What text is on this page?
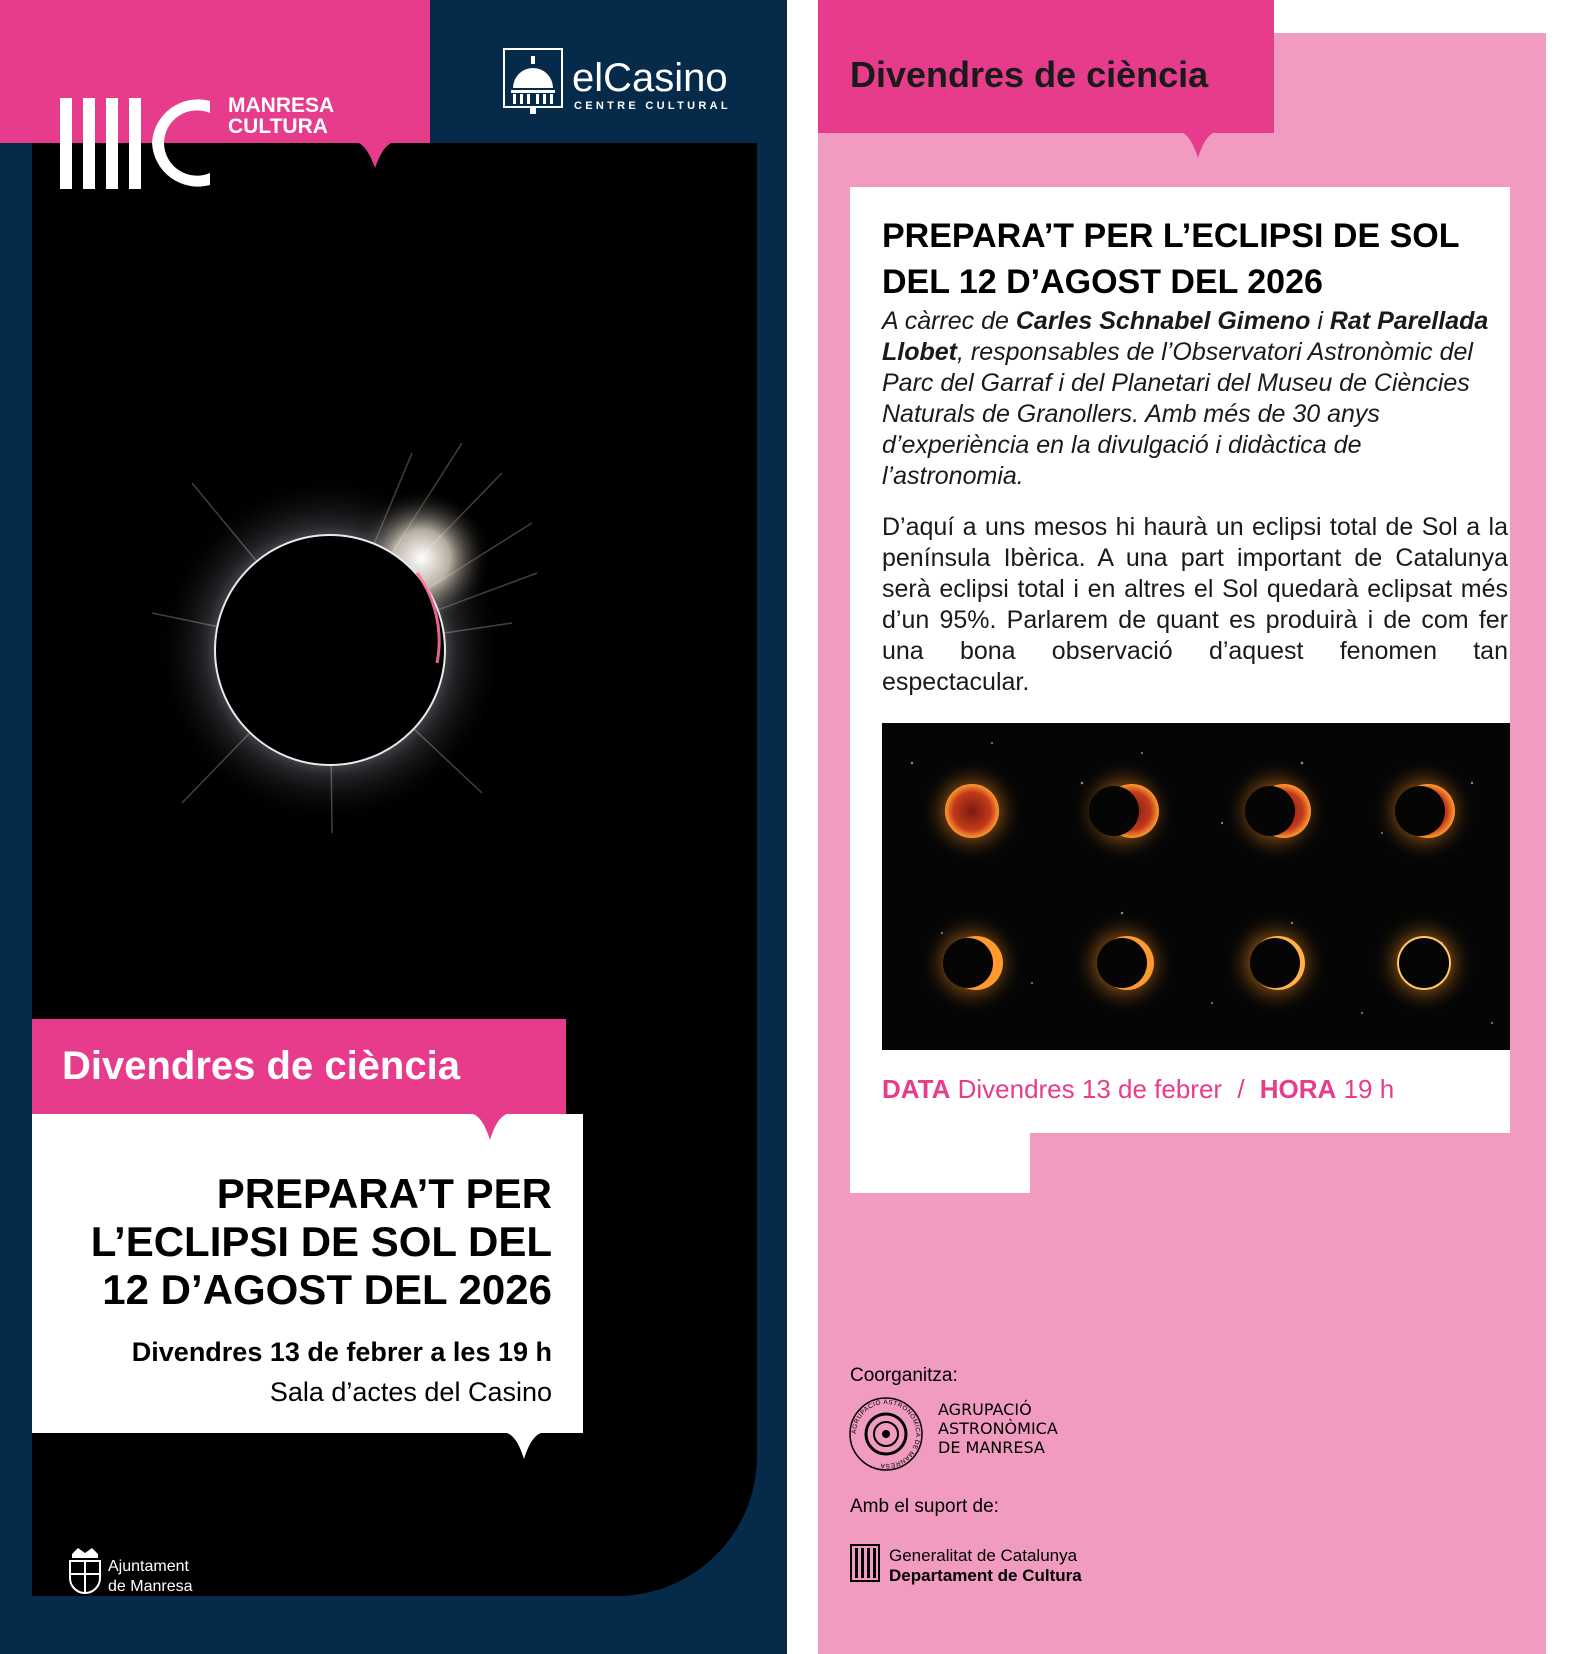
MANRESA
CULTURA
elCasino
CENTRE CULTURAL
Divendres de ciència
PREPARA’T PER
L’ECLIPSI DE SOL DEL
12 D’AGOST DEL 2026
Divendres 13 de febrer a les 19 h
Sala d’actes del Casino
Ajuntament
de Manresa
Divendres de ciència
PREPARA’T PER L’ECLIPSI DE SOL
DEL 12 D’AGOST DEL 2026
A càrrec de Carles Schnabel Gimeno i Rat Parellada Llobet, responsables de l’Observatori Astronòmic del Parc del Garraf i del Planetari del Museu de Ciències Naturals de Granollers. Amb més de 30 anys d’experiència en la divulgació i didàctica de l’astronomia.
D’aquí a uns mesos hi haurà un eclipsi total de Sol a la península Ibèrica. A una part important de Catalunya serà eclipsi total i en altres el Sol quedarà eclipsat més d’un 95%. Parlarem de quant es produirà i de com fer una bona observació d’aquest fenomen tan espectacular.
DATA Divendres 13 de febrer / HORA 19 h
Coorganitza:
AGRUPACIÓ ASTRONÒMICA DE MANRESA
AGRUPACIÓ
ASTRONÒMICA
DE MANRESA
Amb el suport de:
Generalitat de Catalunya
Departament de Cultura
